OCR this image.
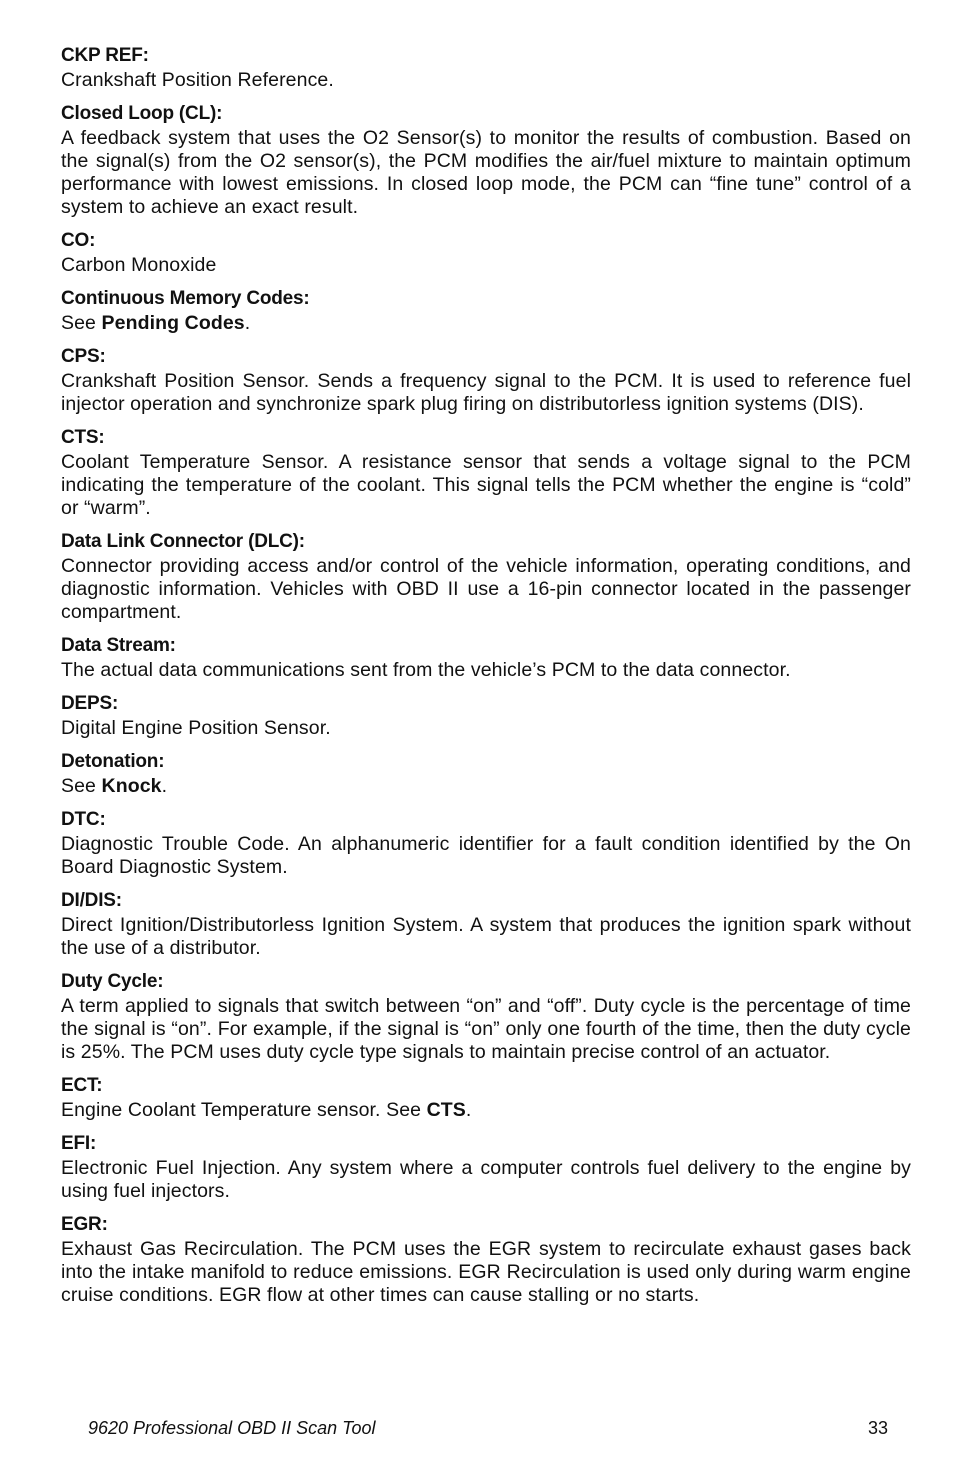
CKP REF:

Crankshaft Position Reference.

Closed Loop (CL):

A feedback system that uses the O2 Sensor(s) to monitor the results of combustion. Based on the signal(s) from the O2 sensor(s), the PCM modifies the air/fuel mixture to maintain optimum performance with lowest emissions. In closed loop mode, the PCM can “fine tune” control of a system to achieve an exact result.

CO:

Carbon Monoxide

Continuous Memory Codes:

See Pending Codes.

CPS:

Crankshaft Position Sensor. Sends a frequency signal to the PCM. It is used to reference fuel injector operation and synchronize spark plug firing on distributorless ignition systems (DIS).

CTS:

Coolant Temperature Sensor. A resistance sensor that sends a voltage signal to the PCM indicating the temperature of the coolant. This signal tells the PCM whether the engine is “cold” or “warm”.

Data Link Connector (DLC):

Connector providing access and/or control of the vehicle information, operating conditions, and diagnostic information. Vehicles with OBD II use a 16-pin connector located in the passenger compartment.

Data Stream:

The actual data communications sent from the vehicle’s PCM to the data connector.

DEPS:

Digital Engine Position Sensor.

Detonation:

See Knock.

DTC:

Diagnostic Trouble Code. An alphanumeric identifier for a fault condition identified by the On Board Diagnostic System.

DI/DIS:

Direct Ignition/Distributorless Ignition System. A system that produces the ignition spark without the use of a distributor.

Duty Cycle:

A term applied to signals that switch between “on” and “off”. Duty cycle is the percentage of time the signal is “on”. For example, if the signal is “on” only one fourth of the time, then the duty cycle is 25%. The PCM uses duty cycle type signals to maintain precise control of an actuator.

ECT:

Engine Coolant Temperature sensor. See CTS.

EFI:

Electronic Fuel Injection. Any system where a computer controls fuel delivery to the engine by using fuel injectors.

EGR:

Exhaust Gas Recirculation. The PCM uses the EGR system to recirculate exhaust gases back into the intake manifold to reduce emissions. EGR Recirculation is used only during warm engine cruise conditions. EGR flow at other times can cause stalling or no starts.

9620 Professional OBD II Scan Tool	33
